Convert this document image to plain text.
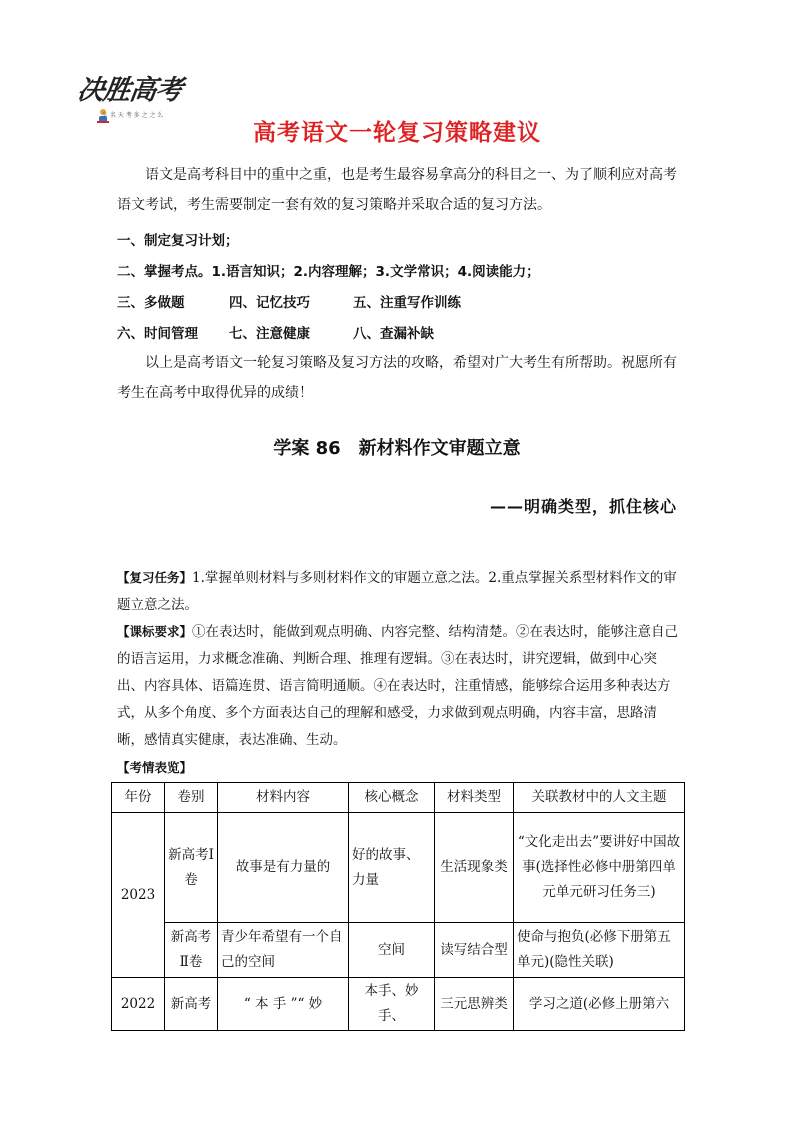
决胜高考
生 名 天 考 多 之 之 么
高考语文一轮复习策略建议
语文是高考科目中的重中之重，也是考生最容易拿高分的科目之一、为了顺利应对高考语文考试，考生需要制定一套有效的复习策略并采取合适的复习方法。
一、制定复习计划；
二、掌握考点。1.语言知识；2.内容理解；3.文学常识；4.阅读能力；
三、多做题	四、记忆技巧	五、注重写作训练
六、时间管理 七、注意健康	八、查漏补缺
以上是高考语文一轮复习策略及复习方法的攻略，希望对广大考生有所帮助。祝愿所有考生在高考中取得优异的成绩！
学案 86　新材料作文审题立意
——明确类型，抓住核心
【复习任务】1.掌握单则材料与多则材料作文的审题立意之法。2.重点掌握关系型材料作文的审题立意之法。
【课标要求】①在表达时，能做到观点明确、内容完整、结构清楚。②在表达时，能够注意自己的语言运用，力求概念准确、判断合理、推理有逻辑。③在表达时，讲究逻辑，做到中心突出、内容具体、语篇连贯、语言简明通顺。④在表达时，注重情感，能够综合运用多种表达方式，从多个角度、多个方面表达自己的理解和感受，力求做到观点明确，内容丰富，思路清晰，感情真实健康，表达准确、生动。
【考情表览】
年份	卷别	材料内容	核心概念	材料类型	关联教材中的人文主题
2023	新高考Ⅰ卷	故事是有力量的	好的故事、力量	生活现象类	“文化走出去”要讲好中国故事(选择性必修中册第四单元单元研习任务三)
	新高考Ⅱ卷	青少年希望有一个自己的空间	空间	读写结合型	使命与抱负(必修下册第五单元)(隐性关联)
2022	新高考	“ 本 手 ”“ 妙	本手、妙手、	三元思辨类	学习之道(必修上册第六
